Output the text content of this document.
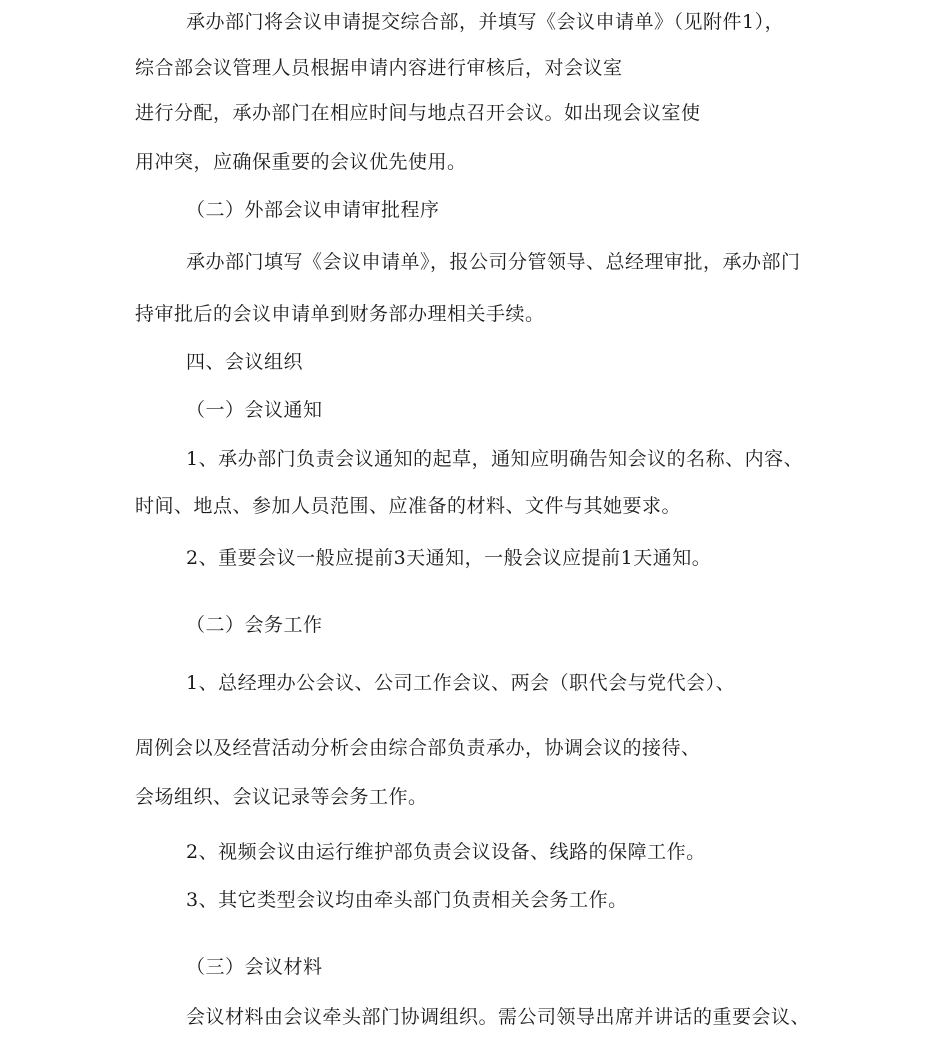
承办部门将会议申请提交综合部，并填写《会议申请单》（见附件1），
综合部会议管理人员根据申请内容进行审核后，对会议室
进行分配，承办部门在相应时间与地点召开会议。如出现会议室使
用冲突，应确保重要的会议优先使用。
（二）外部会议申请审批程序
承办部门填写《会议申请单》，报公司分管领导、总经理审批，承办部门
持审批后的会议申请单到财务部办理相关手续。
四、会议组织
（一）会议通知
1、承办部门负责会议通知的起草，通知应明确告知会议的名称、内容、
时间、地点、参加人员范围、应准备的材料、文件与其她要求。
2、重要会议一般应提前3天通知，一般会议应提前1天通知。
（二）会务工作
1、总经理办公会议、公司工作会议、两会（职代会与党代会）、
周例会以及经营活动分析会由综合部负责承办，协调会议的接待、
会场组织、会议记录等会务工作。
2、视频会议由运行维护部负责会议设备、线路的保障工作。
3、其它类型会议均由牵头部门负责相关会务工作。
（三）会议材料
会议材料由会议牵头部门协调组织。需公司领导出席并讲话的重要会议、
